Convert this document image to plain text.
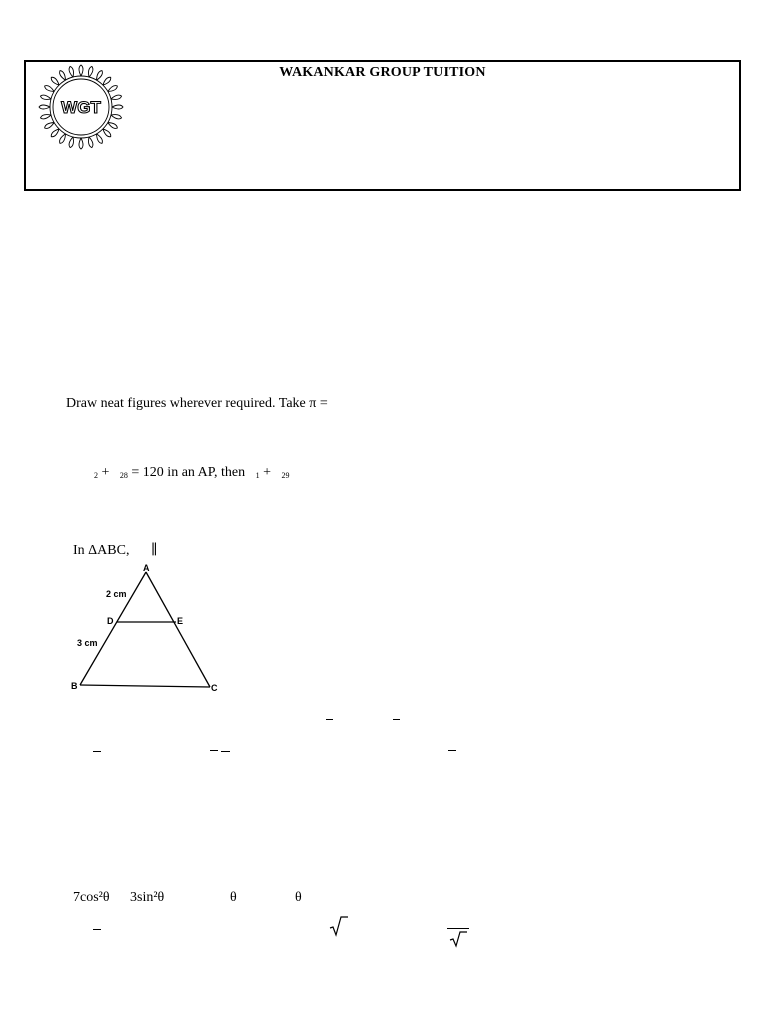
WGT
WAKANKAR GROUP TUITION
Draw neat figures wherever required. Take π =
2 + 28 = 120 in an AP, then 1 + 29
In ΔABC, ∥
A
D	E
B	C
2 cm
3 cm
7cos²θ 3sin²θ	θ	θ
